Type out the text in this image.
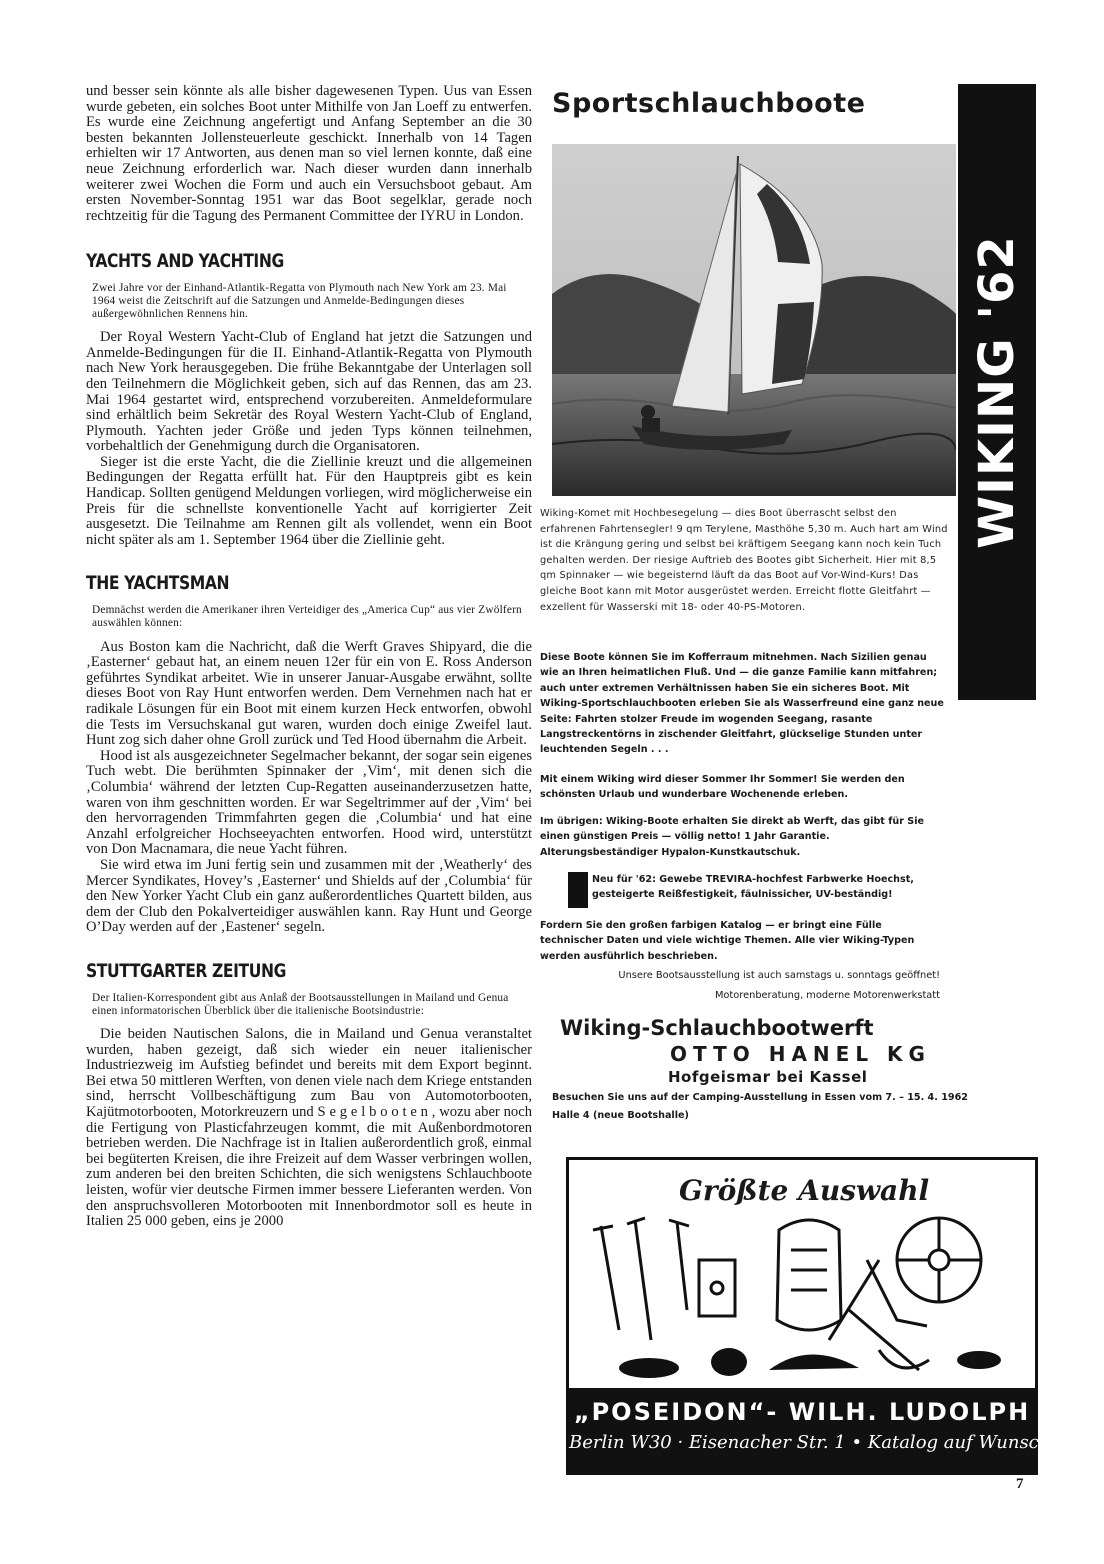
und besser sein könnte als alle bisher dagewesenen Typen. Uus van Essen wurde gebeten, ein solches Boot unter Mithilfe von Jan Loeff zu entwerfen. Es wurde eine Zeichnung angefertigt und Anfang September an die 30 besten bekannten Jollensteuerleute geschickt. Innerhalb von 14 Tagen erhielten wir 17 Antworten, aus denen man so viel lernen konnte, daß eine neue Zeichnung erforderlich war. Nach dieser wurden dann innerhalb weiterer zwei Wochen die Form und auch ein Versuchsboot gebaut. Am ersten November-Sonntag 1951 war das Boot segelklar, gerade noch rechtzeitig für die Tagung des Permanent Committee der IYRU in London.

YACHTS AND YACHTING

Zwei Jahre vor der Einhand-Atlantik-Regatta von Plymouth nach New York am 23. Mai 1964 weist die Zeitschrift auf die Satzungen und Anmelde-Bedingungen dieses außergewöhnlichen Rennens hin.

Der Royal Western Yacht-Club of England hat jetzt die Satzungen und Anmelde-Bedingungen für die II. Einhand-Atlantik-Regatta von Plymouth nach New York herausgegeben. Die frühe Bekanntgabe der Unterlagen soll den Teilnehmern die Möglichkeit geben, sich auf das Rennen, das am 23. Mai 1964 gestartet wird, entsprechend vorzubereiten. Anmeldeformulare sind erhältlich beim Sekretär des Royal Western Yacht-Club of England, Plymouth. Yachten jeder Größe und jeden Typs können teilnehmen, vorbehaltlich der Genehmigung durch die Organisatoren.

Sieger ist die erste Yacht, die die Ziellinie kreuzt und die allgemeinen Bedingungen der Regatta erfüllt hat. Für den Hauptpreis gibt es kein Handicap. Sollten genügend Meldungen vorliegen, wird möglicherweise ein Preis für die schnellste konventionelle Yacht auf korrigierter Zeit ausgesetzt. Die Teilnahme am Rennen gilt als vollendet, wenn ein Boot nicht später als am 1. September 1964 über die Ziellinie geht.

THE YACHTSMAN

Demnächst werden die Amerikaner ihren Verteidiger des „America Cup“ aus vier Zwölfern auswählen können:

Aus Boston kam die Nachricht, daß die Werft Graves Shipyard, die die ‚Easterner‘ gebaut hat, an einem neuen 12er für ein von E. Ross Anderson geführtes Syndikat arbeitet. Wie in unserer Januar-Ausgabe erwähnt, sollte dieses Boot von Ray Hunt entworfen werden. Dem Vernehmen nach hat er radikale Lösungen für ein Boot mit einem kurzen Heck entworfen, obwohl die Tests im Versuchskanal gut waren, wurden doch einige Zweifel laut. Hunt zog sich daher ohne Groll zurück und Ted Hood übernahm die Arbeit.

Hood ist als ausgezeichneter Segelmacher bekannt, der sogar sein eigenes Tuch webt. Die berühmten Spinnaker der ‚Vim‘, mit denen sich die ‚Columbia‘ während der letzten Cup-Regatten auseinanderzusetzen hatte, waren von ihm geschnitten worden. Er war Segeltrimmer auf der ‚Vim‘ bei den hervorragenden Trimmfahrten gegen die ‚Columbia‘ und hat eine Anzahl erfolgreicher Hochseeyachten entworfen. Hood wird, unterstützt von Don Macnamara, die neue Yacht führen.

Sie wird etwa im Juni fertig sein und zusammen mit der ‚Weatherly‘ des Mercer Syndikates, Hovey’s ‚Easterner‘ und Shields auf der ‚Columbia‘ für den New Yorker Yacht Club ein ganz außerordentliches Quartett bilden, aus dem der Club den Pokalverteidiger auswählen kann. Ray Hunt und George O’Day werden auf der ‚Eastener‘ segeln.

STUTTGARTER ZEITUNG

Der Italien-Korrespondent gibt aus Anlaß der Bootsausstellungen in Mailand und Genua einen informatorischen Überblick über die italienische Bootsindustrie:

Die beiden Nautischen Salons, die in Mailand und Genua veranstaltet wurden, haben gezeigt, daß sich wieder ein neuer italienischer Industriezweig im Aufstieg befindet und bereits mit dem Export beginnt. Bei etwa 50 mittleren Werften, von denen viele nach dem Kriege entstanden sind, herrscht Vollbeschäftigung zum Bau von Automotorbooten, Kajütmotorbooten, Motorkreuzern und S e g e l b o o t e n , wozu aber noch die Fertigung von Plasticfahrzeugen kommt, die mit Außenbordmotoren betrieben werden. Die Nachfrage ist in Italien außerordentlich groß, einmal bei begüterten Kreisen, die ihre Freizeit auf dem Wasser verbringen wollen, zum anderen bei den breiten Schichten, die sich wenigstens Schlauchboote leisten, wofür vier deutsche Firmen immer bessere Lieferanten werden. Von den anspruchsvolleren Motorbooten mit Innenbordmotor soll es heute in Italien 25 000 geben, eins je 2000

Sportschlauchboote
WIKING '62

Wiking-Komet mit Hochbesegelung — dies Boot überrascht selbst den erfahrenen Fahrtensegler! 9 qm Terylene, Masthöhe 5,30 m. Auch hart am Wind ist die Krängung gering und selbst bei kräftigem Seegang kann noch kein Tuch gehalten werden. Der riesige Auftrieb des Bootes gibt Sicherheit. Hier mit 8,5 qm Spinnaker — wie begeisternd läuft da das Boot auf Vor-Wind-Kurs! Das gleiche Boot kann mit Motor ausgerüstet werden. Erreicht flotte Gleitfahrt — exzellent für Wasserski mit 18- oder 40-PS-Motoren.

Diese Boote können Sie im Kofferraum mitnehmen. Nach Sizilien genau wie an Ihren heimatlichen Fluß. Und — die ganze Familie kann mitfahren; auch unter extremen Verhältnissen haben Sie ein sicheres Boot. Mit Wiking-Sportschlauchbooten erleben Sie als Wasserfreund eine ganz neue Seite: Fahrten stolzer Freude im wogenden Seegang, rasante Langstreckentörns in zischender Gleitfahrt, glückselige Stunden unter leuchtenden Segeln . . .

Mit einem Wiking wird dieser Sommer Ihr Sommer! Sie werden den schönsten Urlaub und wunderbare Wochenende erleben.

Im übrigen: Wiking-Boote erhalten Sie direkt ab Werft, das gibt für Sie einen günstigen Preis — völlig netto! 1 Jahr Garantie. Alterungsbeständiger Hypalon-Kunstkautschuk.

Neu für '62: Gewebe TREVIRA-hochfest Farbwerke Hoechst, gesteigerte Reißfestigkeit, fäulnissicher, UV-beständig!

Fordern Sie den großen farbigen Katalog — er bringt eine Fülle technischer Daten und viele wichtige Themen. Alle vier Wiking-Typen werden ausführlich beschrieben.

Unsere Bootsausstellung ist auch samstags u. sonntags geöffnet!
Motorenberatung, moderne Motorenwerkstatt
Wiking-Schlauchbootwerft
OTTO HANEL KG
Hofgeismar bei Kassel
Besuchen Sie uns auf der Camping-Ausstellung in Essen vom 7. – 15. 4. 1962
Halle 4 (neue Bootshalle)
Größte Auswahl
„POSEIDON“- WILH. LUDOLPH
Berlin W30 · Eisenacher Str. 1 • Katalog auf Wunsch
7
